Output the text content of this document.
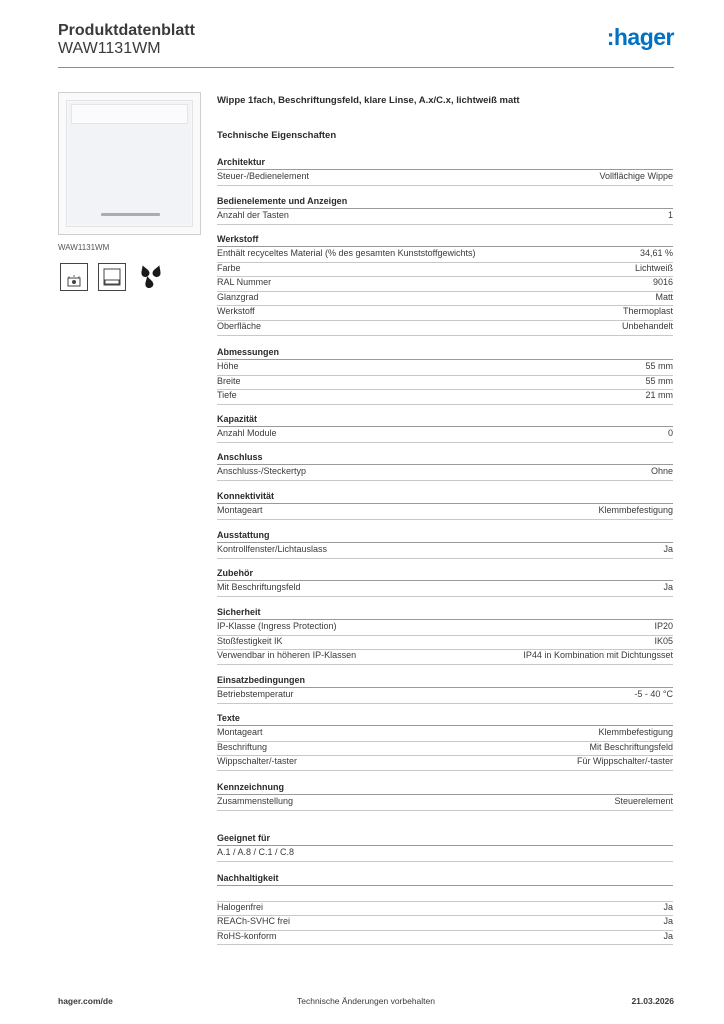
Produktdatenblatt
WAW1131WM	:hager
WAW1131WM
Wippe 1fach, Beschriftungsfeld, klare Linse, A.x/C.x, lichtweiß matt
Technische Eigenschaften
Architektur
Steuer-/Bedienelement	Vollflächige Wippe
Bedienelemente und Anzeigen
Anzahl der Tasten	1
Werkstoff
Enthält recyceltes Material (% des gesamten Kunststoffgewichts)	34,61 %
Farbe	Lichtweiß
RAL Nummer	9016
Glanzgrad	Matt
Werkstoff	Thermoplast
Oberfläche	Unbehandelt
Abmessungen
Höhe	55 mm
Breite	55 mm
Tiefe	21 mm
Kapazität
Anzahl Module	0
Anschluss
Anschluss-/Steckertyp	Ohne
Konnektivität
Montageart	Klemmbefestigung
Ausstattung
Kontrollfenster/Lichtauslass	Ja
Zubehör
Mit Beschriftungsfeld	Ja
Sicherheit
IP-Klasse (Ingress Protection)	IP20
Stoßfestigkeit IK	IK05
Verwendbar in höheren IP-Klassen	IP44 in Kombination mit Dichtungsset
Einsatzbedingungen
Betriebstemperatur	-5 - 40 °C
Texte
Montageart	Klemmbefestigung
Beschriftung	Mit Beschriftungsfeld
Wippschalter/-taster	Für Wippschalter/-taster
Kennzeichnung
Zusammenstellung	Steuerelement
Geeignet für
A.1 / A.8 / C.1 / C.8
Nachhaltigkeit
Halogenfrei	Ja
REACh-SVHC frei	Ja
RoHS-konform	Ja
hager.com/de	Technische Änderungen vorbehalten	21.03.2026
